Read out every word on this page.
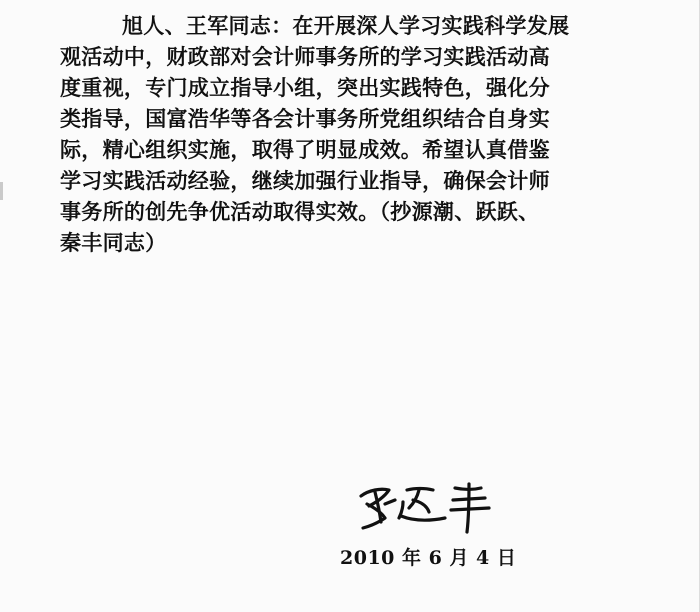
旭人、王军同志：在开展深人学习实践科学发展
观活动中，财政部对会计师事务所的学习实践活动高
度重视，专门成立指导小组，突出实践特色，强化分
类指导，国富浩华等各会计事务所党组织结合自身实
际，精心组织实施，取得了明显成效。希望认真借鉴
学习实践活动经验，继续加强行业指导，确保会计师
事务所的创先争优活动取得实效。（抄源潮、跃跃、
秦丰同志）
2010 年 6 月 4 日
